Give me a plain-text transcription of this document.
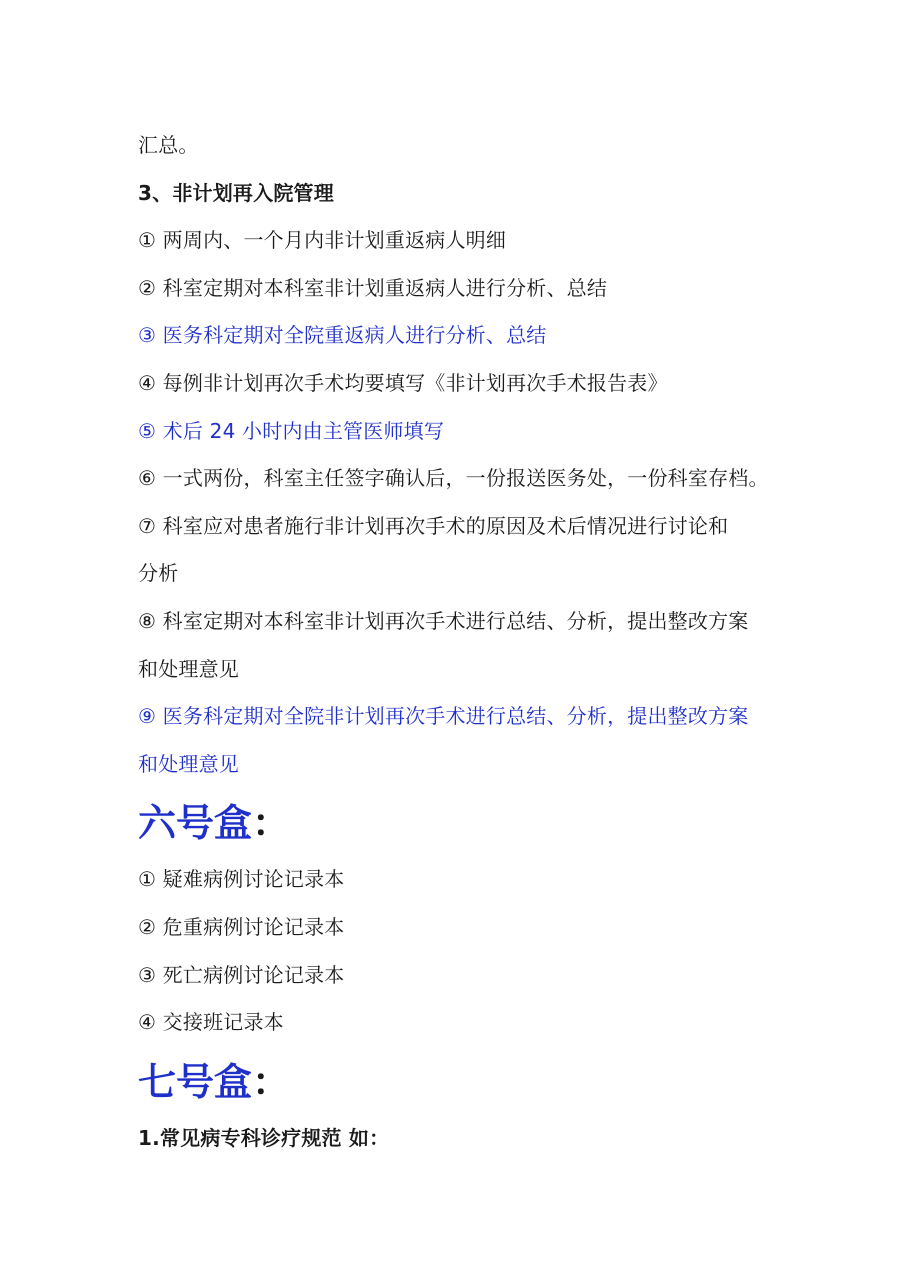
汇总。
3、非计划再入院管理
① 两周内、一个月内非计划重返病人明细
② 科室定期对本科室非计划重返病人进行分析、总结
③ 医务科定期对全院重返病人进行分析、总结
④ 每例非计划再次手术均要填写《非计划再次手术报告表》
⑤ 术后 24 小时内由主管医师填写
⑥ 一式两份，科室主任签字确认后，一份报送医务处，一份科室存档。
⑦ 科室应对患者施行非计划再次手术的原因及术后情况进行讨论和
分析
⑧ 科室定期对本科室非计划再次手术进行总结、分析，提出整改方案
和处理意见
⑨ 医务科定期对全院非计划再次手术进行总结、分析，提出整改方案
和处理意见
六号盒：
① 疑难病例讨论记录本
② 危重病例讨论记录本
③ 死亡病例讨论记录本
④ 交接班记录本
七号盒：
1.常见病专科诊疗规范 如：
